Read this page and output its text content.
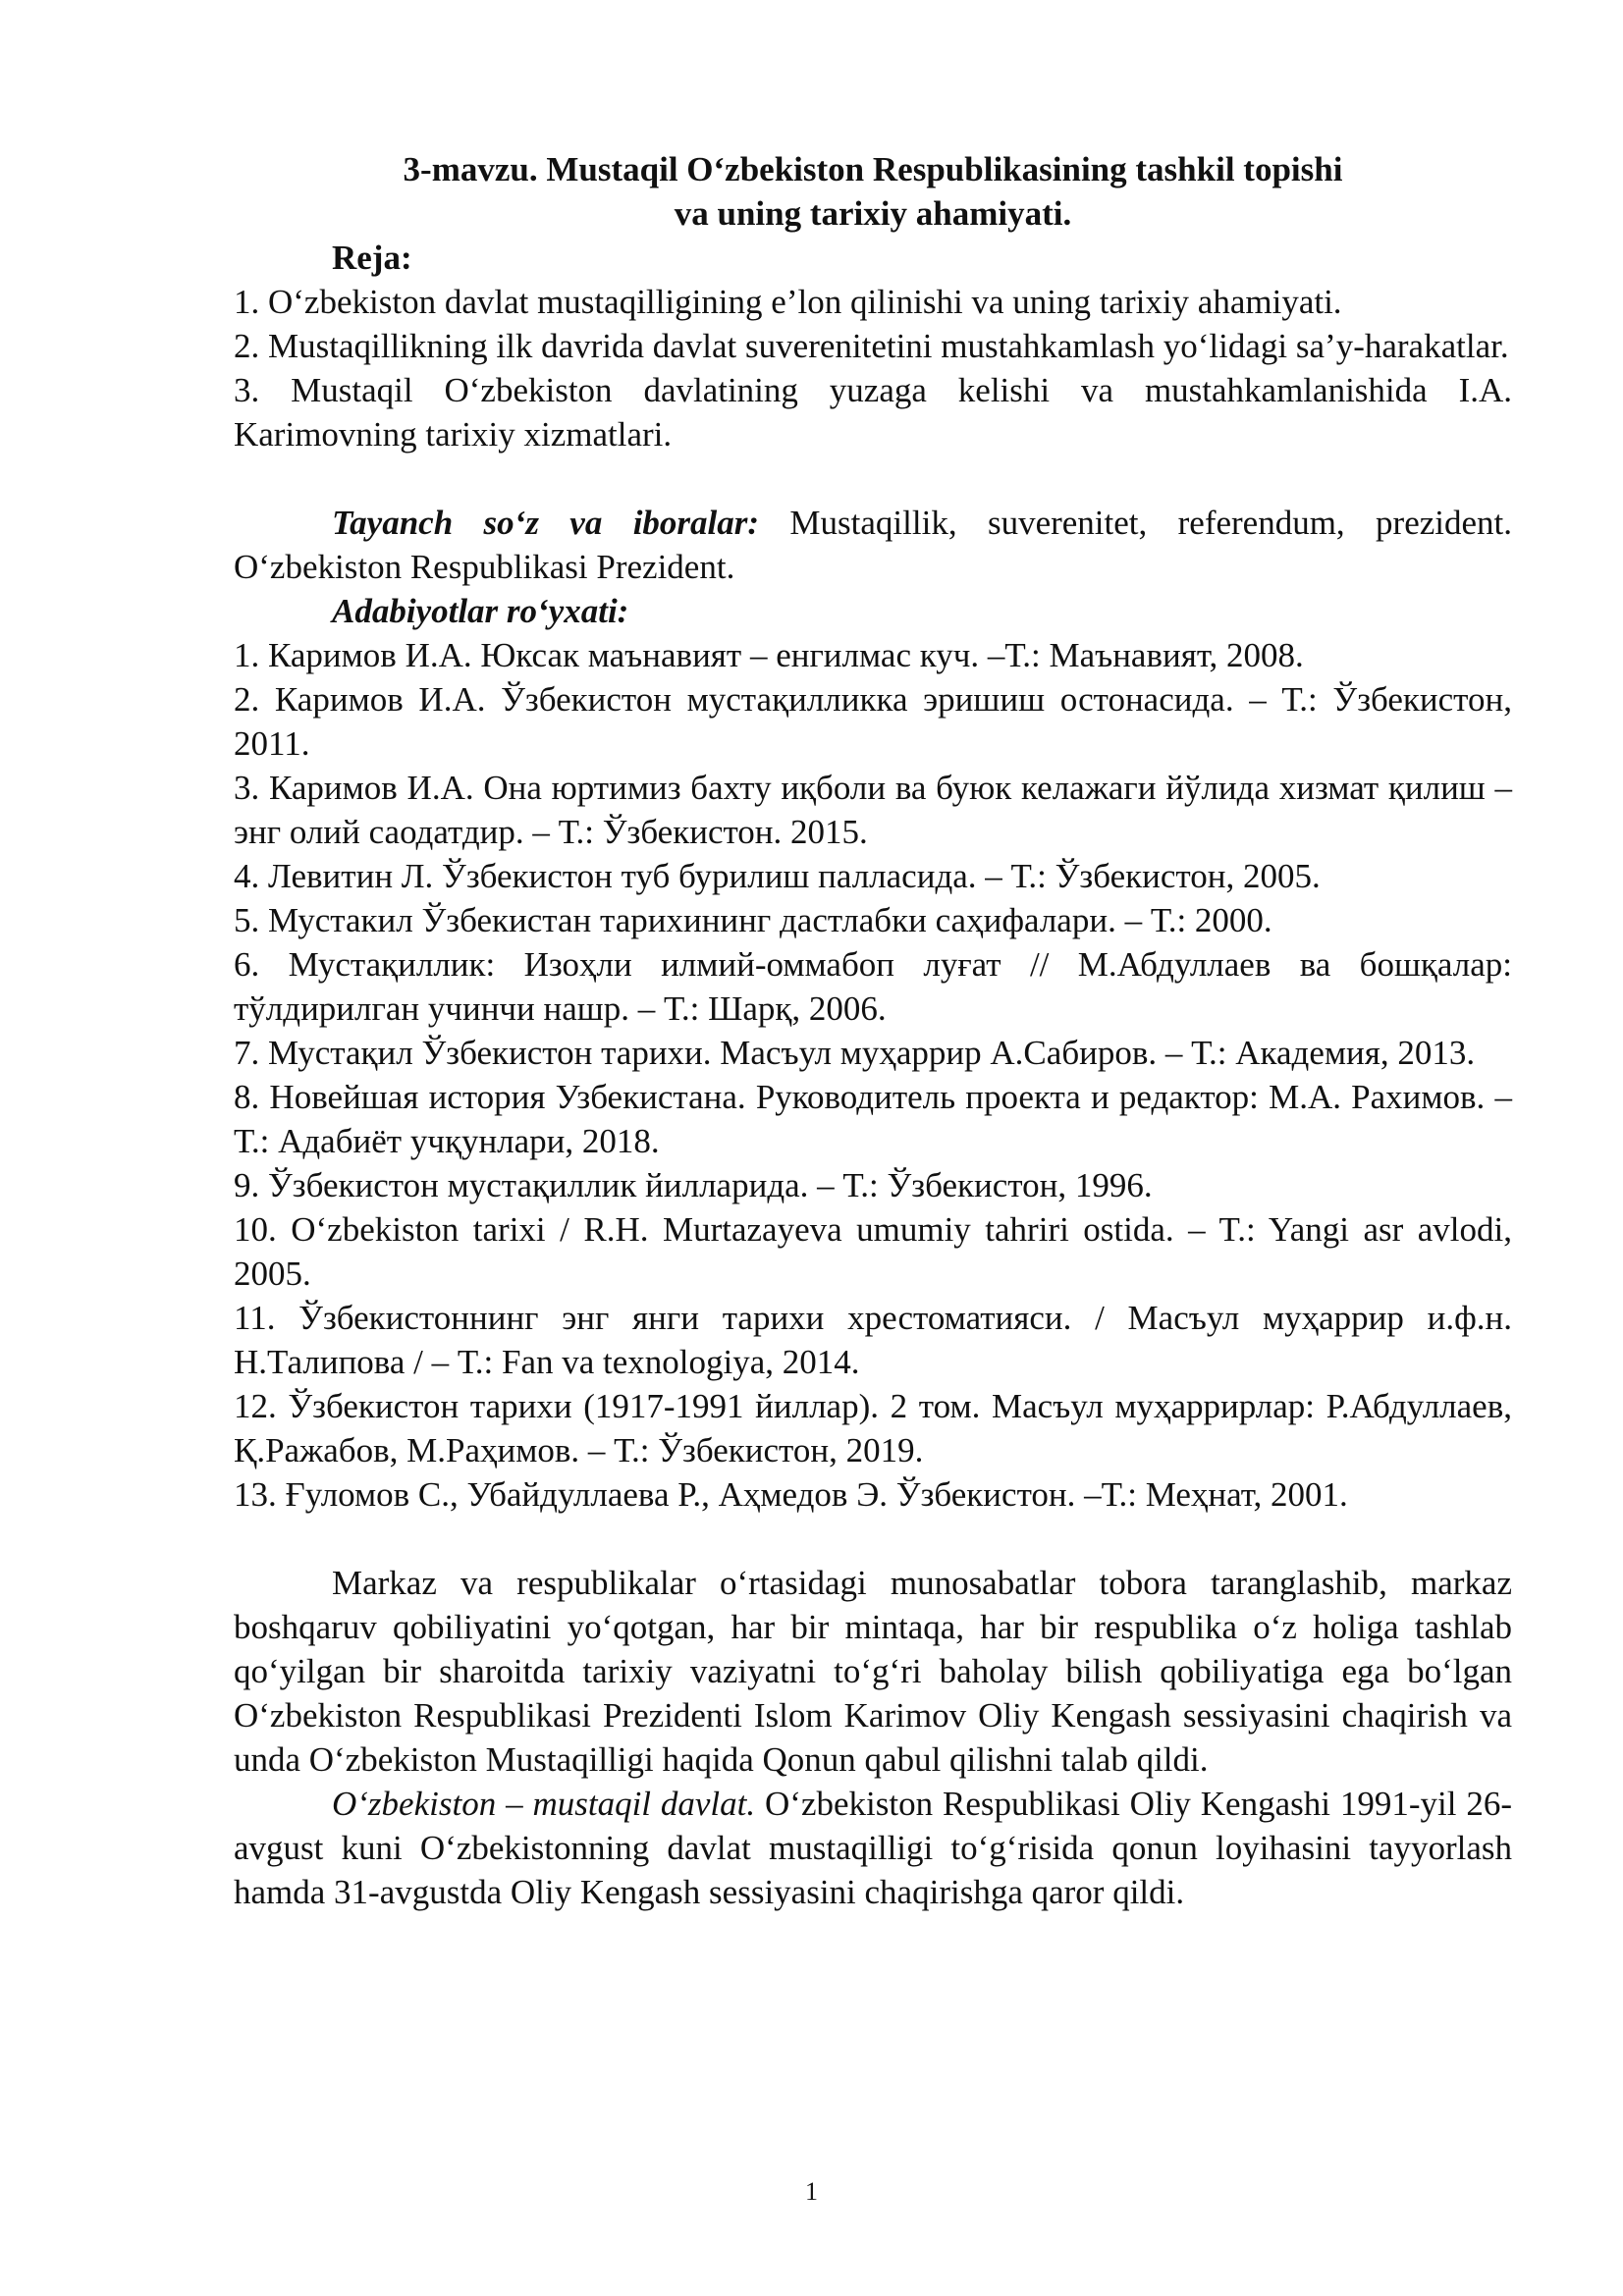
3-mavzu. Mustaqil O‘zbekiston Respublikasining tashkil topishi

va uning tarixiy ahamiyati.

Reja:

1. O‘zbekiston davlat mustaqilligining e’lon qilinishi va uning tarixiy ahamiyati.
2. Mustaqillikning ilk davrida davlat suverenitetini mustahkamlash yo‘lidagi sa’y-harakatlar.
3. Mustaqil O‘zbekiston davlatining yuzaga kelishi va mustahkamlanishida I.A. Karimovning tarixiy xizmatlari.

Tayanch so‘z va iboralar: Mustaqillik, suverenitet, referendum, prezident. O‘zbekiston Respublikasi Prezident.

Adabiyotlar ro‘yxati:

1. Каримов И.А. Юксак маънавият – енгилмас куч. –Т.: Маънавият, 2008.
2. Каримов И.А. Ўзбекистон мустақилликка эришиш остонасида. – Т.: Ўзбекистон, 2011.
3. Каримов И.А. Она юртимиз бахту иқболи ва буюк келажаги йўлида хизмат қилиш – энг олий саодатдир. – Т.: Ўзбекистон. 2015.
4. Левитин Л. Ўзбекистон туб бурилиш палласида. – Т.: Ўзбекистон, 2005.
5. Мустакил Ўзбекистан тарихининг дастлабки саҳифалари. – Т.: 2000.
6. Мустақиллик: Изоҳли илмий-оммабоп луғат // М.Абдуллаев ва бошқалар: тўлдирилган учинчи нашр. – Т.: Шарқ, 2006.
7. Мустақил Ўзбекистон тарихи. Масъул муҳаррир А.Сабиров. – Т.: Академия, 2013.
8. Новейшая история Узбекистана. Руководитель проекта и редактор: М.А. Рахимов. – Т.: Адабиёт учқунлари, 2018.
9. Ўзбекистон мустақиллик йилларида. – Т.: Ўзбекистон, 1996.
10. O‘zbekiston tarixi / R.H. Murtazayeva umumiy tahriri ostida. – T.: Yangi asr avlodi, 2005.
11. Ўзбекистоннинг энг янги тарихи хрестоматияси. / Масъул муҳаррир и.ф.н. Н.Талипова / – Т.: Fan va texnologiya, 2014.
12. Ўзбекистон тарихи (1917-1991 йиллар). 2 том. Масъул муҳаррирлар: Р.Абдуллаев, Қ.Ражабов, М.Раҳимов. – Т.: Ўзбекистон, 2019.
13. Ғуломов С., Убайдуллаева Р., Аҳмедов Э. Ўзбекистон. –Т.: Меҳнат, 2001.

Markaz va respublikalar o‘rtasidagi munosabatlar tobora taranglashib, markaz boshqaruv qobiliyatini yo‘qotgan, har bir mintaqa, har bir respublika o‘z holiga tashlab qo‘yilgan bir sharoitda tarixiy vaziyatni to‘g‘ri baholay bilish qobiliyatiga ega bo‘lgan O‘zbekiston Respublikasi Prezidenti Islom Karimov Oliy Kengash sessiyasini chaqirish va unda O‘zbekiston Mustaqilligi haqida Qonun qabul qilishni talab qildi.

O‘zbekiston – mustaqil davlat. O‘zbekiston Respublikasi Oliy Kengashi 1991-yil 26-avgust kuni O‘zbekistonning davlat mustaqilligi to‘g‘risida qonun loyihasini tayyorlash hamda 31-avgustda Oliy Kengash sessiyasini chaqirishga qaror qildi.

1
